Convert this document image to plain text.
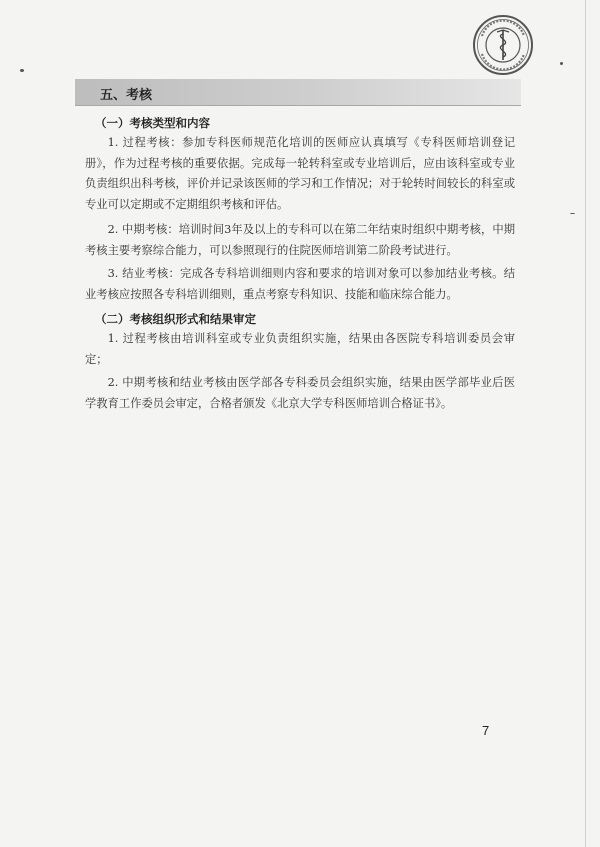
五、考核
（一）考核类型和内容

1. 过程考核：参加专科医师规范化培训的医师应认真填写《专科医师培训登记册》，作为过程考核的重要依据。完成每一轮转科室或专业培训后，应由该科室或专业负责组织出科考核，评价并记录该医师的学习和工作情况；对于轮转时间较长的科室或专业可以定期或不定期组织考核和评估。

2. 中期考核：培训时间3年及以上的专科可以在第二年结束时组织中期考核，中期考核主要考察综合能力，可以参照现行的住院医师培训第二阶段考试进行。

3. 结业考核：完成各专科培训细则内容和要求的培训对象可以参加结业考核。结业考核应按照各专科培训细则，重点考察专科知识、技能和临床综合能力。

（二）考核组织形式和结果审定

1. 过程考核由培训科室或专业负责组织实施，结果由各医院专科培训委员会审定；

2. 中期考核和结业考核由医学部各专科委员会组织实施，结果由医学部毕业后医学教育工作委员会审定，合格者颁发《北京大学专科医师培训合格证书》。

7
